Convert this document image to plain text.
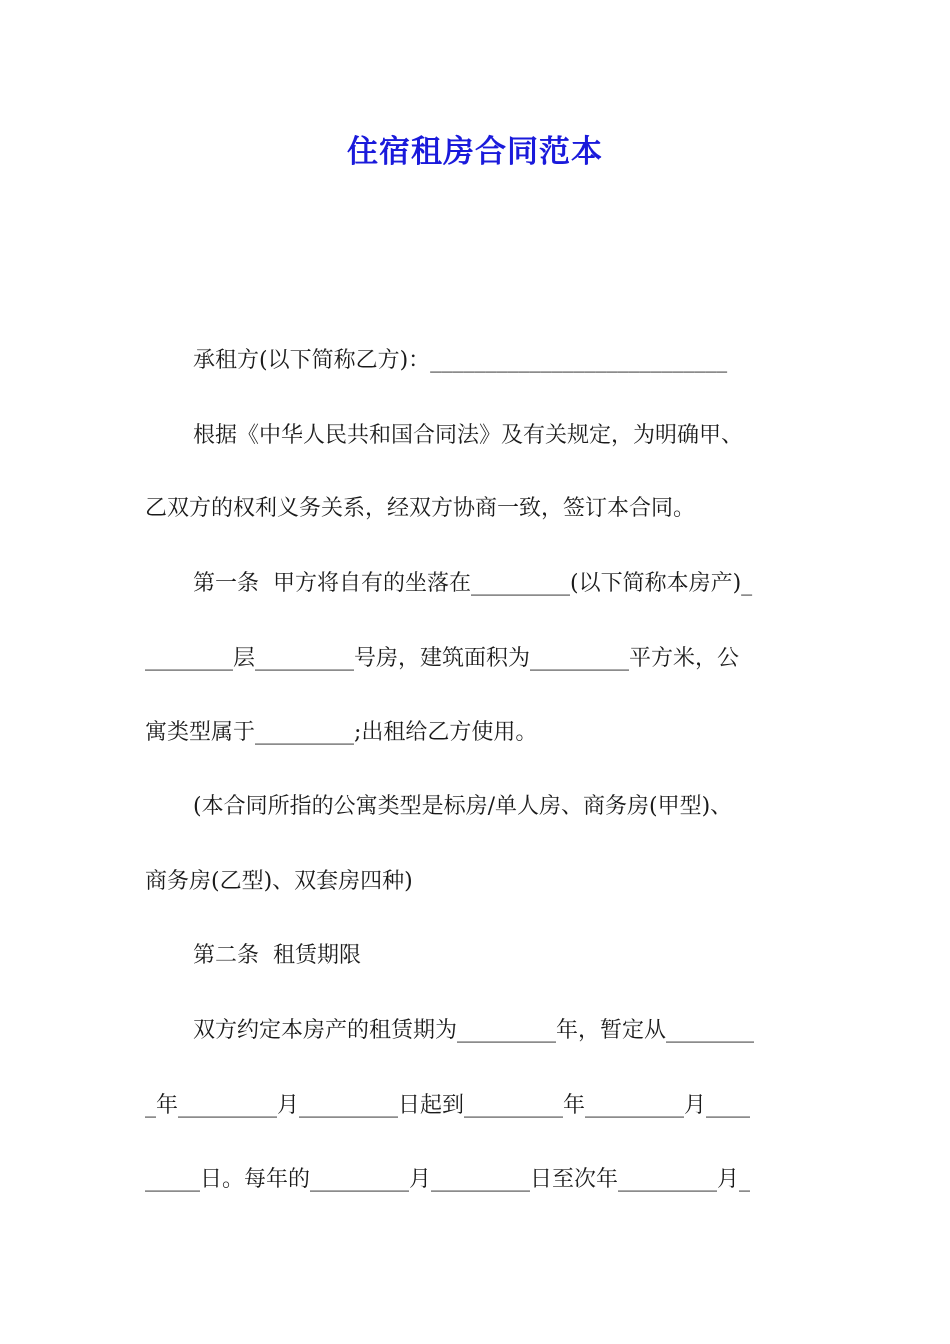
住宿租房合同范本
承租方(以下简称乙方)：___________________________
根据《中华人民共和国合同法》及有关规定，为明确甲、
乙双方的权利义务关系，经双方协商一致，签订本合同。
第一条  甲方将自有的坐落在_________(以下简称本房产)_
________层_________号房，建筑面积为_________平方米，公
寓类型属于_________;出租给乙方使用。
(本合同所指的公寓类型是标房/单人房、商务房(甲型)、
商务房(乙型)、双套房四种)
第二条  租赁期限
双方约定本房产的租赁期为_________年，暂定从________
_年_________月_________日起到_________年_________月____
_____日。每年的_________月_________日至次年_________月_
